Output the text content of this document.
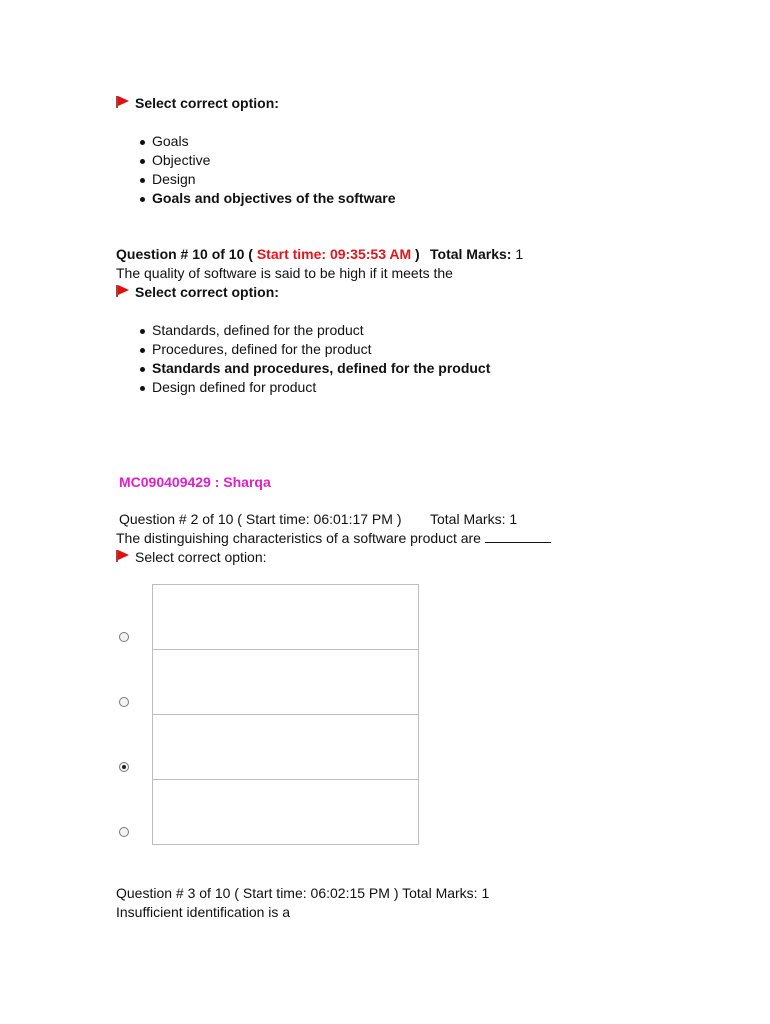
Select correct option:
Goals
Objective
Design
Goals and objectives of the software
Question # 10 of 10 ( Start time: 09:35:53 AM ) Total Marks: 1
The quality of software is said to be high if it meets the
Select correct option:
Standards, defined for the product
Procedures, defined for the product
Standards and procedures, defined for the product
Design defined for product
MC090409429 : Sharqa
Question # 2 of 10 ( Start time: 06:01:17 PM ) Total Marks: 1
The distinguishing characteristics of a software product are
Select correct option:
Question # 3 of 10 ( Start time: 06:02:15 PM ) Total Marks: 1
Insufficient identification is a
